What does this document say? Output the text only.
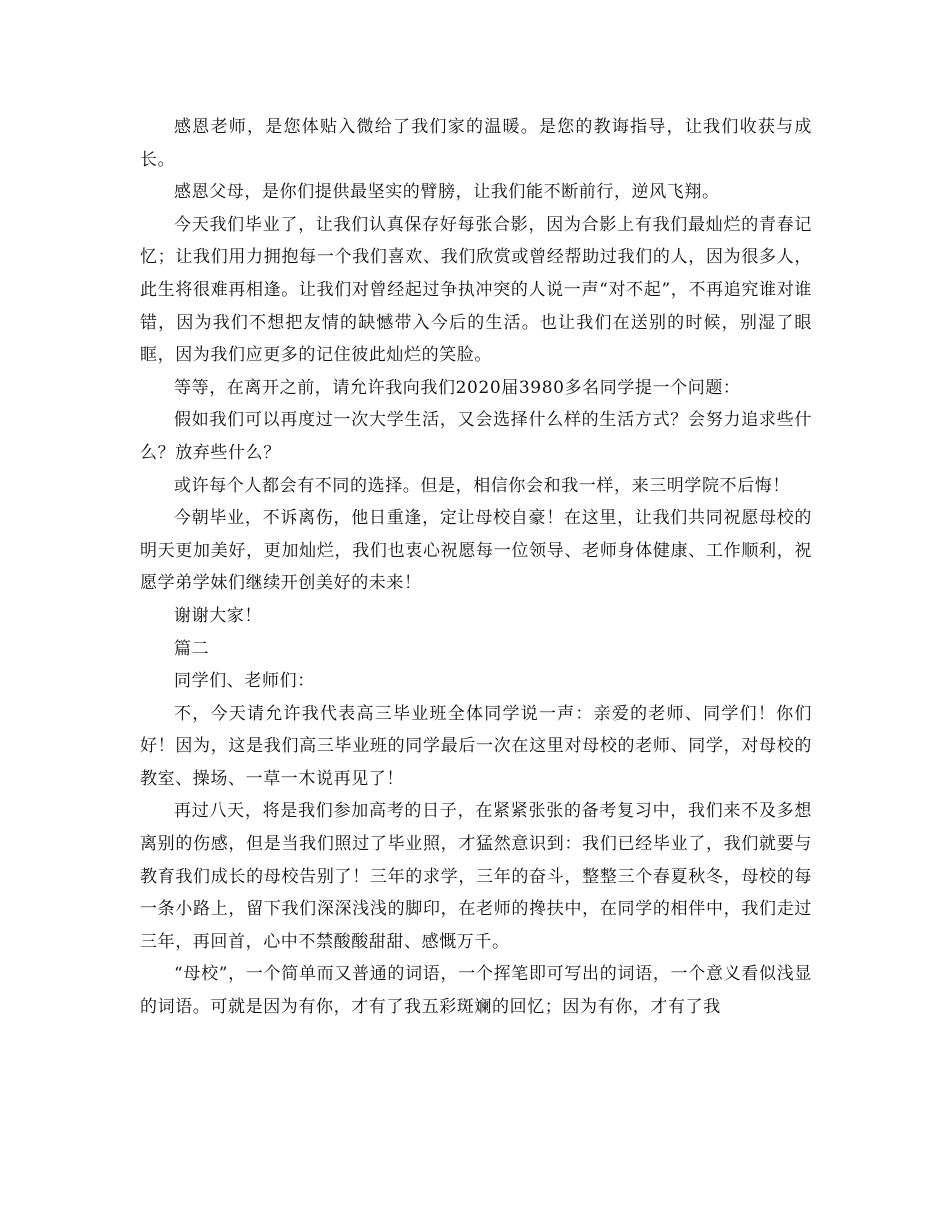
感恩老师，是您体贴入微给了我们家的温暖。是您的教诲指导，让我们收获与成长。

感恩父母，是你们提供最坚实的臂膀，让我们能不断前行，逆风飞翔。

今天我们毕业了，让我们认真保存好每张合影，因为合影上有我们最灿烂的青春记忆；让我们用力拥抱每一个我们喜欢、我们欣赏或曾经帮助过我们的人，因为很多人，此生将很难再相逢。让我们对曾经起过争执冲突的人说一声“对不起”，不再追究谁对谁错，因为我们不想把友情的缺憾带入今后的生活。也让我们在送别的时候，别湿了眼眶，因为我们应更多的记住彼此灿烂的笑脸。

等等，在离开之前，请允许我向我们2020届3980多名同学提一个问题：

假如我们可以再度过一次大学生活，又会选择什么样的生活方式？会努力追求些什么？放弃些什么？

或许每个人都会有不同的选择。但是，相信你会和我一样，来三明学院不后悔！

今朝毕业，不诉离伤，他日重逢，定让母校自豪！在这里，让我们共同祝愿母校的明天更加美好，更加灿烂，我们也衷心祝愿每一位领导、老师身体健康、工作顺利，祝愿学弟学妹们继续开创美好的未来！

谢谢大家！

篇二

同学们、老师们：

不，今天请允许我代表高三毕业班全体同学说一声：亲爱的老师、同学们！你们好！因为，这是我们高三毕业班的同学最后一次在这里对母校的老师、同学，对母校的教室、操场、一草一木说再见了！

再过八天，将是我们参加高考的日子，在紧紧张张的备考复习中，我们来不及多想离别的伤感，但是当我们照过了毕业照，才猛然意识到：我们已经毕业了，我们就要与教育我们成长的母校告别了！三年的求学，三年的奋斗，整整三个春夏秋冬，母校的每一条小路上，留下我们深深浅浅的脚印，在老师的搀扶中，在同学的相伴中，我们走过三年，再回首，心中不禁酸酸甜甜、感慨万千。

“母校”，一个简单而又普通的词语，一个挥笔即可写出的词语，一个意义看似浅显的词语。可就是因为有你，才有了我五彩斑斓的回忆；因为有你，才有了我
